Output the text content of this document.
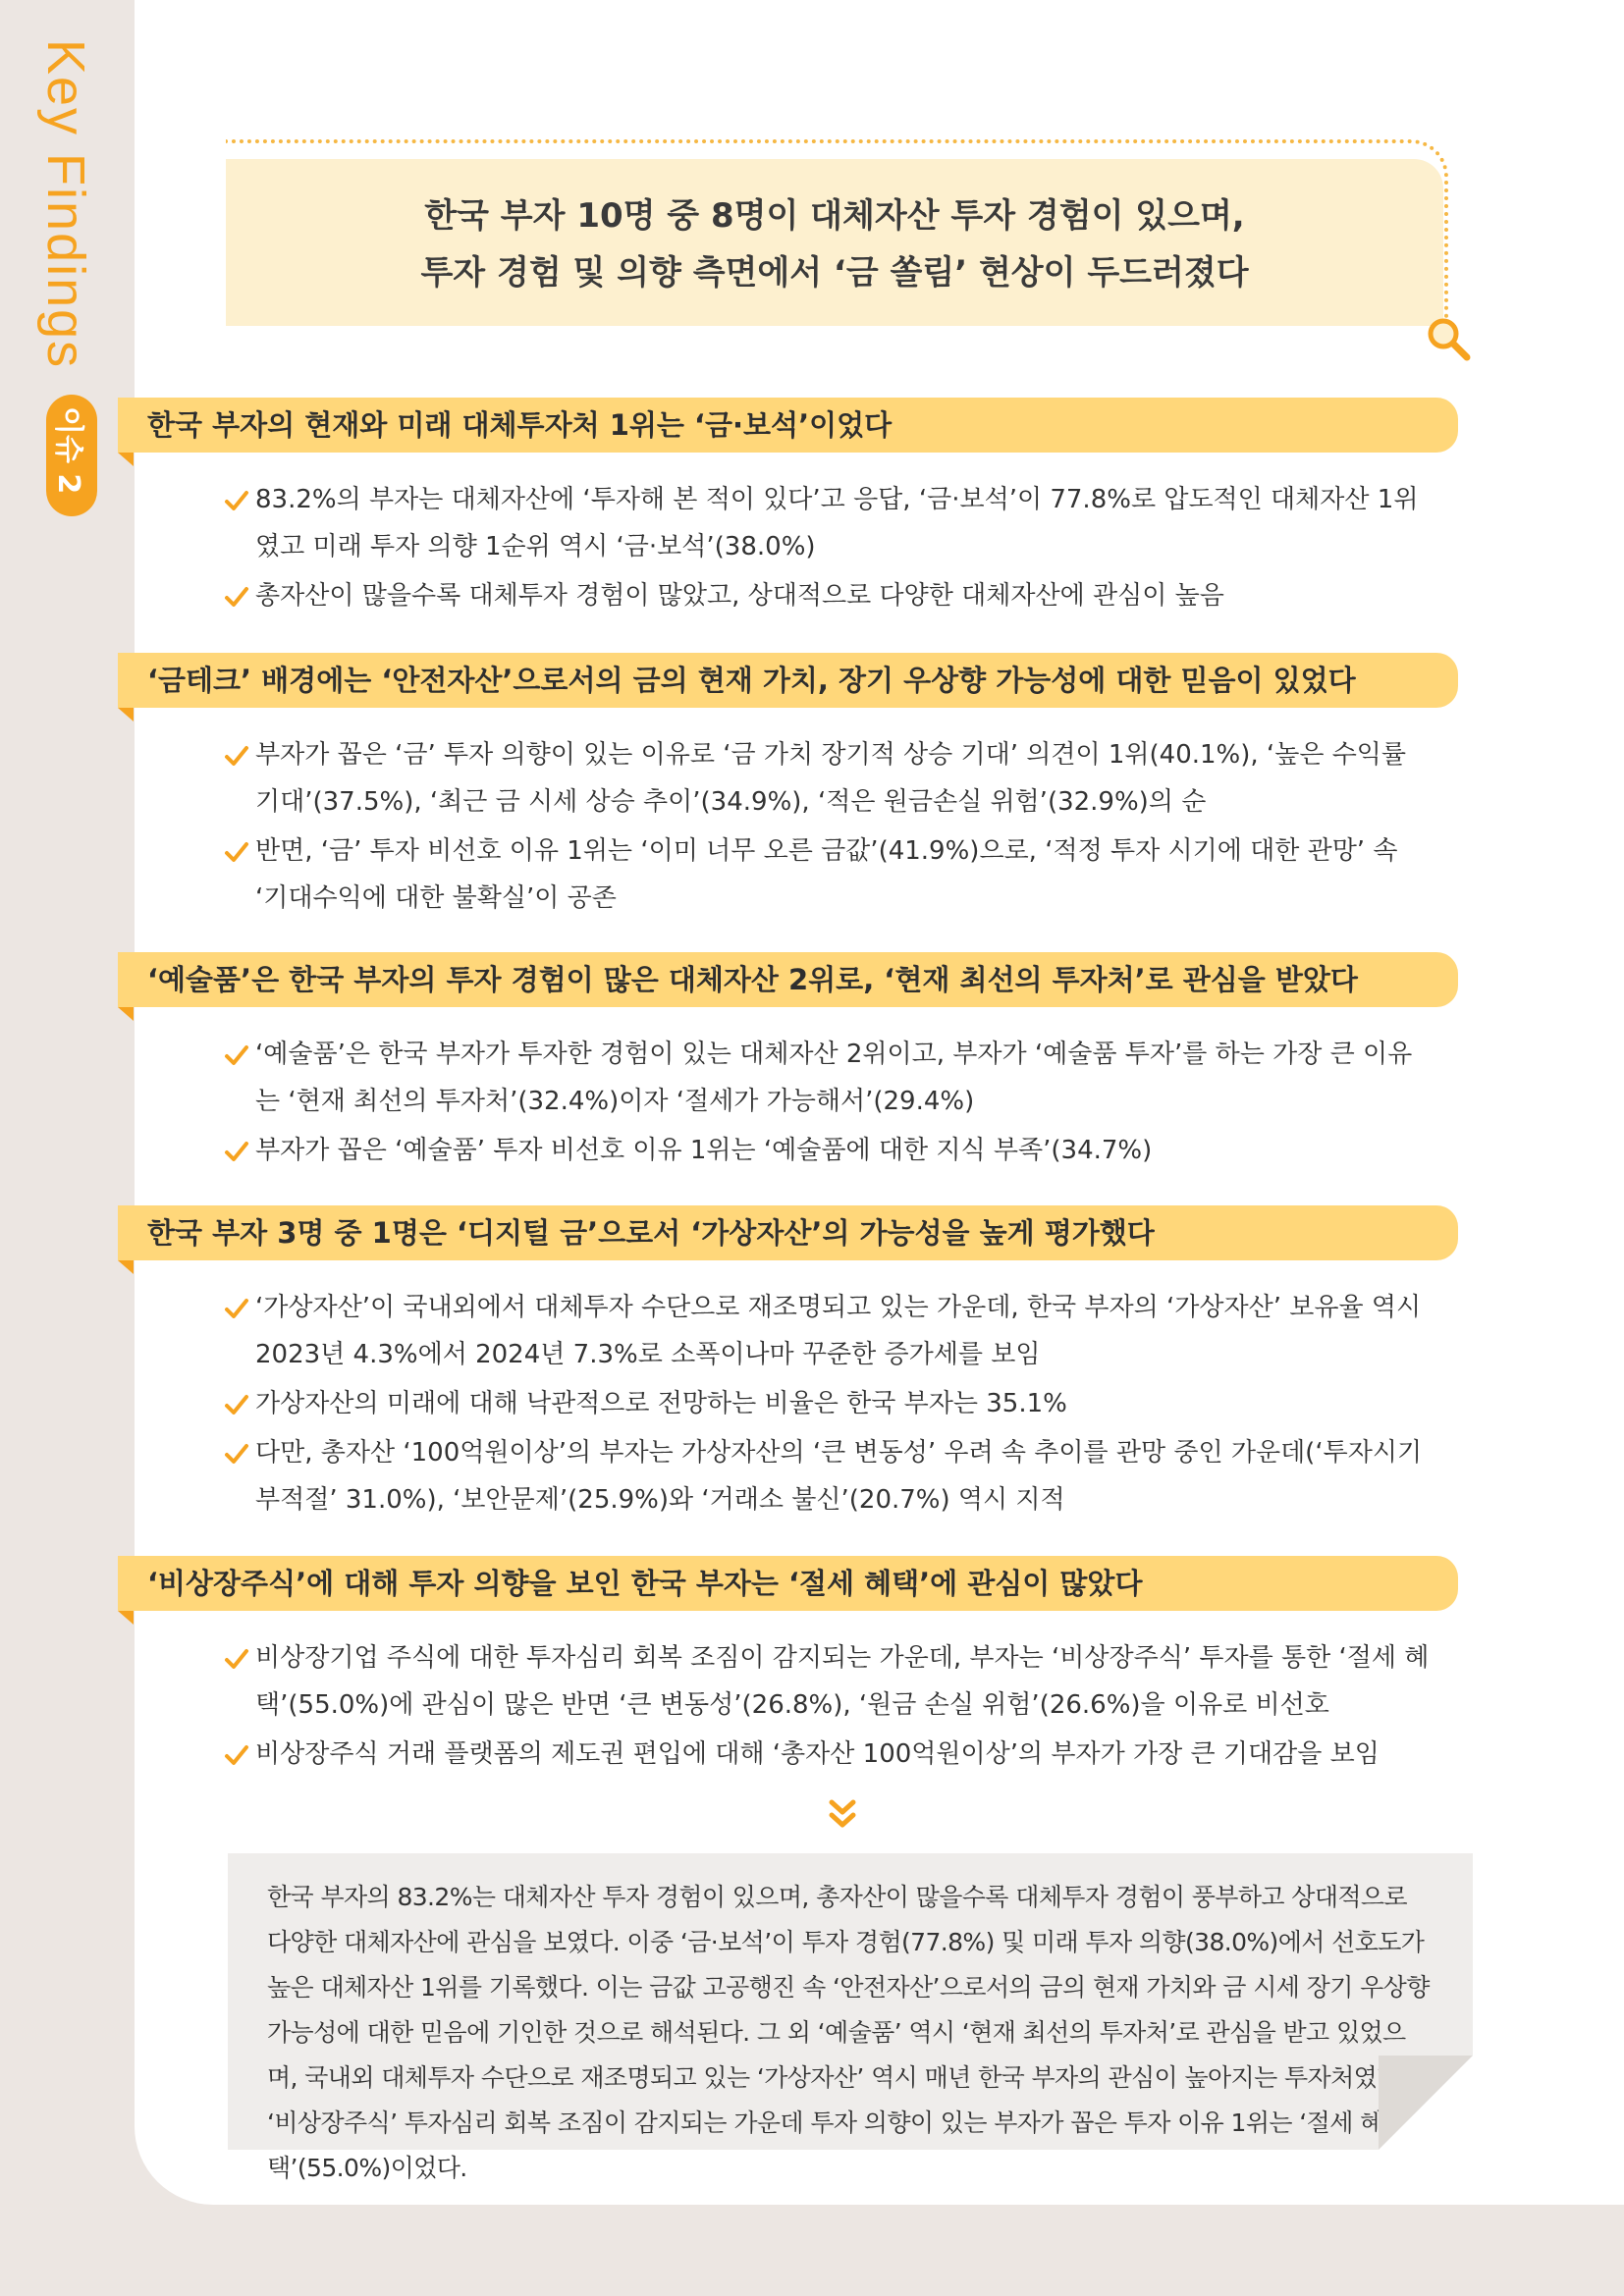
Key Findings
이슈 2
한국 부자 10명 중 8명이 대체자산 투자 경험이 있으며,
투자 경험 및 의향 측면에서 ‘금 쏠림’ 현상이 두드러졌다
한국 부자의 현재와 미래 대체투자처 1위는 ‘금·보석’이었다
83.2%의 부자는 대체자산에 ‘투자해 본 적이 있다’고 응답, ‘금·보석’이 77.8%로 압도적인 대체자산 1위였고 미래 투자 의향 1순위 역시 ‘금·보석’(38.0%)
총자산이 많을수록 대체투자 경험이 많았고, 상대적으로 다양한 대체자산에 관심이 높음
‘금테크’ 배경에는 ‘안전자산’으로서의 금의 현재 가치, 장기 우상향 가능성에 대한 믿음이 있었다
부자가 꼽은 ‘금’ 투자 의향이 있는 이유로 ‘금 가치 장기적 상승 기대’ 의견이 1위(40.1%), ‘높은 수익률 기대’(37.5%), ‘최근 금 시세 상승 추이’(34.9%), ‘적은 원금손실 위험’(32.9%)의 순
반면, ‘금’ 투자 비선호 이유 1위는 ‘이미 너무 오른 금값’(41.9%)으로, ‘적정 투자 시기에 대한 관망’ 속 ‘기대수익에 대한 불확실’이 공존
‘예술품’은 한국 부자의 투자 경험이 많은 대체자산 2위로, ‘현재 최선의 투자처’로 관심을 받았다
‘예술품’은 한국 부자가 투자한 경험이 있는 대체자산 2위이고, 부자가 ‘예술품 투자’를 하는 가장 큰 이유는 ‘현재 최선의 투자처’(32.4%)이자 ‘절세가 가능해서’(29.4%)
부자가 꼽은 ‘예술품’ 투자 비선호 이유 1위는 ‘예술품에 대한 지식 부족’(34.7%)
한국 부자 3명 중 1명은 ‘디지털 금’으로서 ‘가상자산’의 가능성을 높게 평가했다
‘가상자산’이 국내외에서 대체투자 수단으로 재조명되고 있는 가운데, 한국 부자의 ‘가상자산’ 보유율 역시 2023년 4.3%에서 2024년 7.3%로 소폭이나마 꾸준한 증가세를 보임
가상자산의 미래에 대해 낙관적으로 전망하는 비율은 한국 부자는 35.1%
다만, 총자산 ‘100억원이상’의 부자는 가상자산의 ‘큰 변동성’ 우려 속 추이를 관망 중인 가운데(‘투자시기 부적절’ 31.0%), ‘보안문제’(25.9%)와 ‘거래소 불신’(20.7%) 역시 지적
‘비상장주식’에 대해 투자 의향을 보인 한국 부자는 ‘절세 혜택’에 관심이 많았다
비상장기업 주식에 대한 투자심리 회복 조짐이 감지되는 가운데, 부자는 ‘비상장주식’ 투자를 통한 ‘절세 혜택’(55.0%)에 관심이 많은 반면 ‘큰 변동성’(26.8%), ‘원금 손실 위험’(26.6%)을 이유로 비선호
비상장주식 거래 플랫폼의 제도권 편입에 대해 ‘총자산 100억원이상’의 부자가 가장 큰 기대감을 보임
한국 부자의 83.2%는 대체자산 투자 경험이 있으며, 총자산이 많을수록 대체투자 경험이 풍부하고 상대적으로 다양한 대체자산에 관심을 보였다. 이중 ‘금·보석’이 투자 경험(77.8%) 및 미래 투자 의향(38.0%)에서 선호도가 높은 대체자산 1위를 기록했다. 이는 금값 고공행진 속 ‘안전자산’으로서의 금의 현재 가치와 금 시세 장기 우상향 가능성에 대한 믿음에 기인한 것으로 해석된다. 그 외 ‘예술품’ 역시 ‘현재 최선의 투자처’로 관심을 받고 있었으며, 국내외 대체투자 수단으로 재조명되고 있는 ‘가상자산’ 역시 매년 한국 부자의 관심이 높아지는 투자처였다. ‘비상장주식’ 투자심리 회복 조짐이 감지되는 가운데 투자 의향이 있는 부자가 꼽은 투자 이유 1위는 ‘절세 혜택’(55.0%)이었다.
